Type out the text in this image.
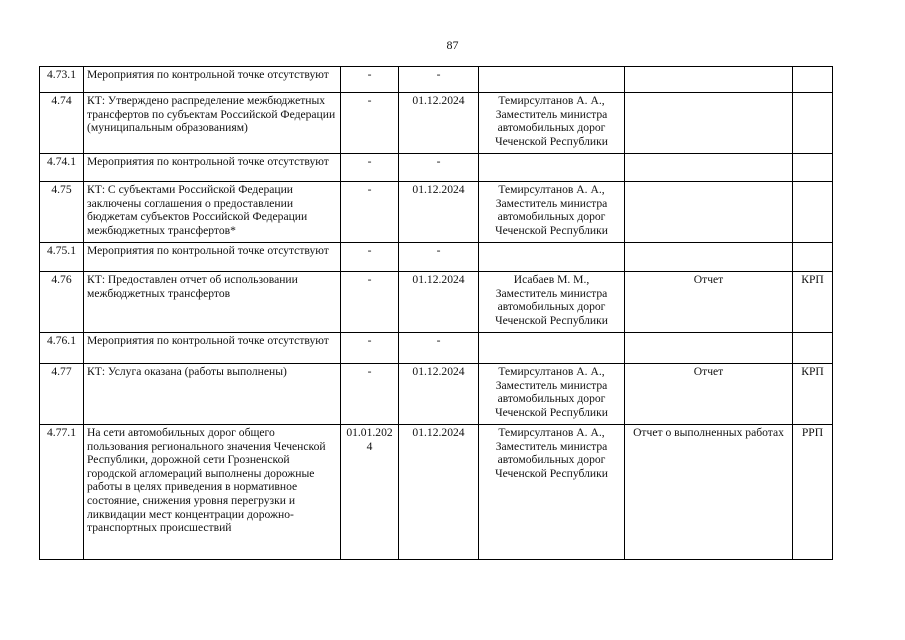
87
4.73.1	Мероприятия по контрольной точке отсутствуют	-	-			
4.74	КТ: Утверждено распределение межбюджетных трансфертов по субъектам Российской Федерации (муниципальным образованиям)	-	01.12.2024	Темирсултанов А. А., Заместитель министра автомобильных дорог Чеченской Республики		
4.74.1	Мероприятия по контрольной точке отсутствуют	-	-			
4.75	КТ: С субъектами Российской Федерации заключены соглашения о предоставлении бюджетам субъектов Российской Федерации межбюджетных трансфертов*	-	01.12.2024	Темирсултанов А. А., Заместитель министра автомобильных дорог Чеченской Республики		
4.75.1	Мероприятия по контрольной точке отсутствуют	-	-			
4.76	КТ: Предоставлен отчет об использовании межбюджетных трансфертов	-	01.12.2024	Исабаев М. М., Заместитель министра автомобильных дорог Чеченской Республики	Отчет	КРП
4.76.1	Мероприятия по контрольной точке отсутствуют	-	-			
4.77	КТ: Услуга оказана (работы выполнены)	-	01.12.2024	Темирсултанов А. А., Заместитель министра автомобильных дорог Чеченской Республики	Отчет	КРП
4.77.1	На сети автомобильных дорог общего пользования регионального значения Чеченской Республики, дорожной сети Грозненской городской агломераций выполнены дорожные работы в целях приведения в нормативное состояние, снижения уровня перегрузки и ликвидации мест концентрации дорожно-транспортных происшествий	01.01.2024	01.12.2024	Темирсултанов А. А., Заместитель министра автомобильных дорог Чеченской Республики	Отчет о выполненных работах	РРП
